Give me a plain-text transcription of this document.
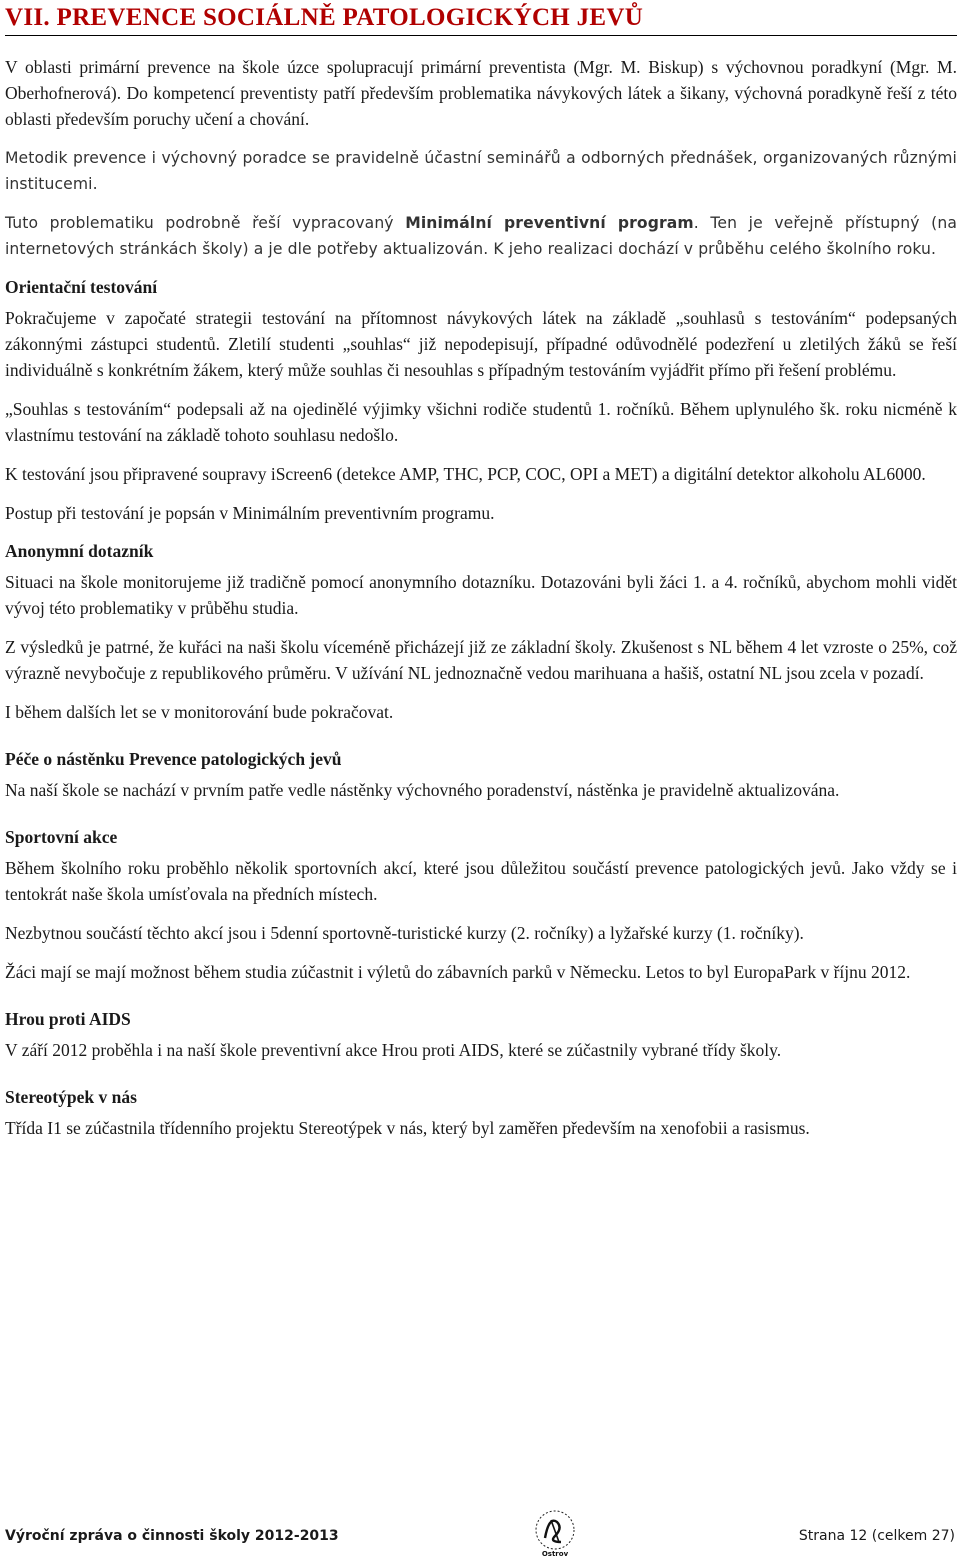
VII. PREVENCE SOCIÁLNĚ PATOLOGICKÝCH JEVŮ

V oblasti primární prevence na škole úzce spolupracují primární preventista (Mgr. M. Biskup) s výchovnou poradkyní (Mgr. M. Oberhofnerová). Do kompetencí preventisty patří především problematika návykových látek a šikany, výchovná poradkyně řeší z této oblasti především poruchy učení a chování.

Metodik prevence i výchovný poradce se pravidelně účastní seminářů a odborných přednášek, organizovaných různými institucemi.

Tuto problematiku podrobně řeší vypracovaný Minimální preventivní program. Ten je veřejně přístupný (na internetových stránkách školy) a je dle potřeby aktualizován. K jeho realizaci dochází v průběhu celého školního roku.

Orientační testování

Pokračujeme v započaté strategii testování na přítomnost návykových látek na základě „souhlasů s testováním“ podepsaných zákonnými zástupci studentů. Zletilí studenti „souhlas“ již nepodepisují, případné odůvodnělé podezření u zletilých žáků se řeší individuálně s konkrétním žákem, který může souhlas či nesouhlas s případným testováním vyjádřit přímo při řešení problému.

„Souhlas s testováním“ podepsali až na ojedinělé výjimky všichni rodiče studentů 1. ročníků. Během uplynulého šk. roku nicméně k vlastnímu testování na základě tohoto souhlasu nedošlo.

K testování jsou připravené soupravy iScreen6 (detekce AMP, THC, PCP, COC, OPI a MET) a digitální detektor alkoholu AL6000.

Postup při testování je popsán v Minimálním preventivním programu.

Anonymní dotazník

Situaci na škole monitorujeme již tradičně pomocí anonymního dotazníku. Dotazováni byli žáci 1. a 4. ročníků, abychom mohli vidět vývoj této problematiky v průběhu studia.

Z výsledků je patrné, že kuřáci na naši školu víceméně přicházejí již ze základní školy. Zkušenost s NL během 4 let vzroste o 25%, což výrazně nevybočuje z republikového průměru. V užívání NL jednoznačně vedou marihuana a hašiš, ostatní NL jsou zcela v pozadí.

I během dalších let se v monitorování bude pokračovat.

Péče o nástěnku Prevence patologických jevů

Na naší škole se nachází v prvním patře vedle nástěnky výchovného poradenství, nástěnka je pravidelně aktualizována.

Sportovní akce

Během školního roku proběhlo několik sportovních akcí, které jsou důležitou součástí prevence patologických jevů. Jako vždy se i tentokrát naše škola umísťovala na předních místech.

Nezbytnou součástí těchto akcí jsou i 5denní sportovně-turistické kurzy (2. ročníky) a lyžařské kurzy (1. ročníky).

Žáci mají se mají možnost během studia zúčastnit i výletů do zábavních parků v Německu. Letos to byl EuropaPark v říjnu 2012.

Hrou proti AIDS

V září 2012 proběhla i na naší škole preventivní akce Hrou proti AIDS, které se zúčastnily vybrané třídy školy.

Stereotýpek v nás

Třída I1 se zúčastnila třídenního projektu Stereotýpek v nás, který byl zaměřen především na xenofobii a rasismus.

Výroční zpráva o činnosti školy 2012-2013
Ostrov
Strana 12 (celkem 27)
